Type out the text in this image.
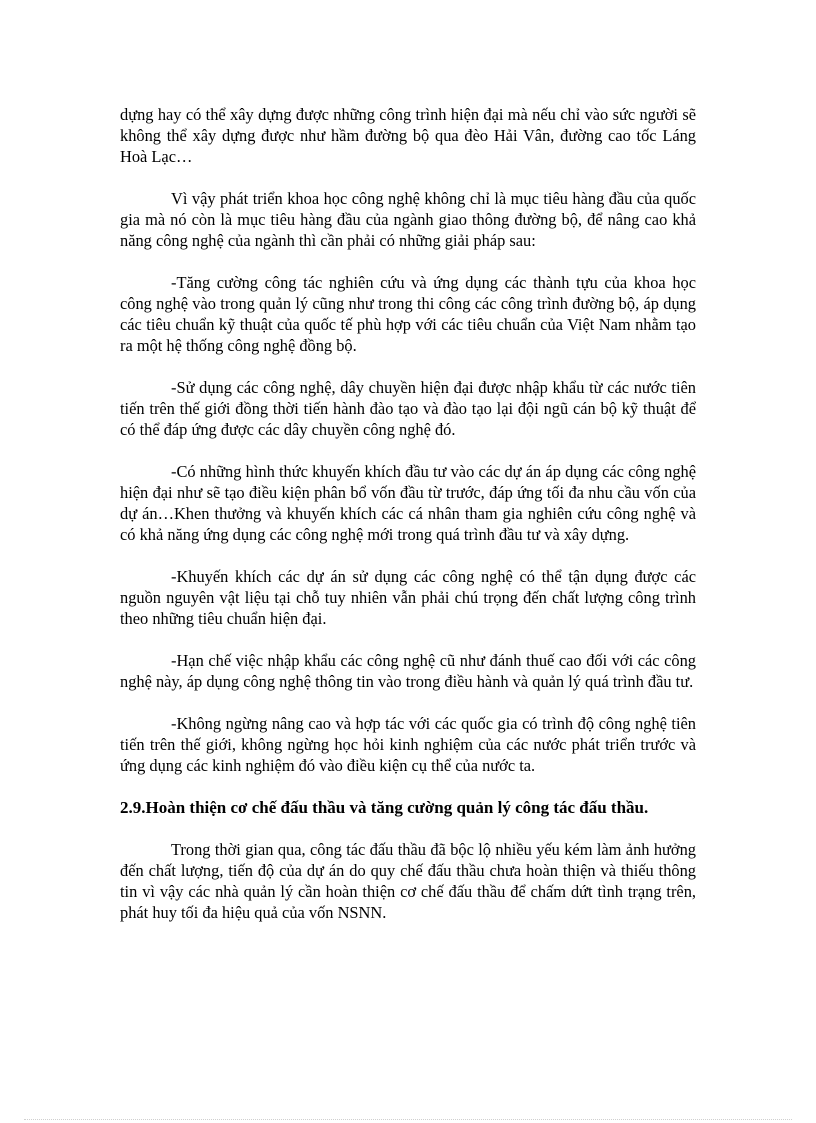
dựng hay có thể xây dựng được những công trình hiện đại mà nếu chỉ vào sức người sẽ không thể xây dựng được như hầm đường bộ qua đèo Hải Vân, đường cao tốc Láng Hoà Lạc…

Vì vậy phát triển khoa học công nghệ không chỉ là mục tiêu hàng đầu của quốc gia mà nó còn là mục tiêu hàng đầu của ngành giao thông đường bộ, để nâng cao khả năng công nghệ của ngành thì cần phải có những giải pháp sau:

-Tăng cường công tác nghiên cứu và ứng dụng các thành tựu của khoa học công nghệ vào trong quản lý cũng như trong thi công các công trình đường bộ, áp dụng các tiêu chuẩn kỹ thuật của quốc tế phù hợp với các tiêu chuẩn của Việt Nam nhằm tạo ra một hệ thống công nghệ đồng bộ.

-Sử dụng các công nghệ, dây chuyền hiện đại được nhập khẩu từ các nước tiên tiến trên thế giới đồng thời tiến hành đào tạo và đào tạo lại đội ngũ cán bộ kỹ thuật để có thể đáp ứng được các dây chuyền công nghệ đó.

-Có những hình thức khuyến khích đầu tư vào các dự án áp dụng các công nghệ hiện đại như sẽ tạo điều kiện phân bổ vốn đầu từ trước, đáp ứng tối đa nhu cầu vốn của dự án…Khen thưởng và khuyến khích các cá nhân tham gia nghiên cứu công nghệ và có khả năng ứng dụng các công nghệ mới trong quá trình đầu tư và xây dựng.

-Khuyến khích các dự án sử dụng các công nghệ có thể tận dụng được các nguồn nguyên vật liệu tại chỗ tuy nhiên vẫn phải chú trọng đến chất lượng công trình theo những tiêu chuẩn hiện đại.

-Hạn chế việc nhập khẩu các công nghệ cũ như đánh thuế cao đối với các công nghệ này, áp dụng công nghệ thông tin vào trong điều hành và quản lý quá trình đầu tư.

-Không ngừng nâng cao và hợp tác với các quốc gia có trình độ công nghệ tiên tiến trên thế giới, không ngừng học hỏi kinh nghiệm của các nước phát triển trước và ứng dụng các kinh nghiệm đó vào điều kiện cụ thể của nước ta.

2.9.Hoàn thiện cơ chế đấu thầu và tăng cường quản lý công tác đấu thầu.

Trong thời gian qua, công tác đấu thầu đã bộc lộ nhiều yếu kém làm ảnh hưởng đến chất lượng, tiến độ của dự án do quy chế đấu thầu chưa hoàn thiện và thiếu thông tin vì vậy các nhà quản lý cần hoàn thiện cơ chế đấu thầu để chấm dứt tình trạng trên, phát huy tối đa hiệu quả của vốn NSNN.
